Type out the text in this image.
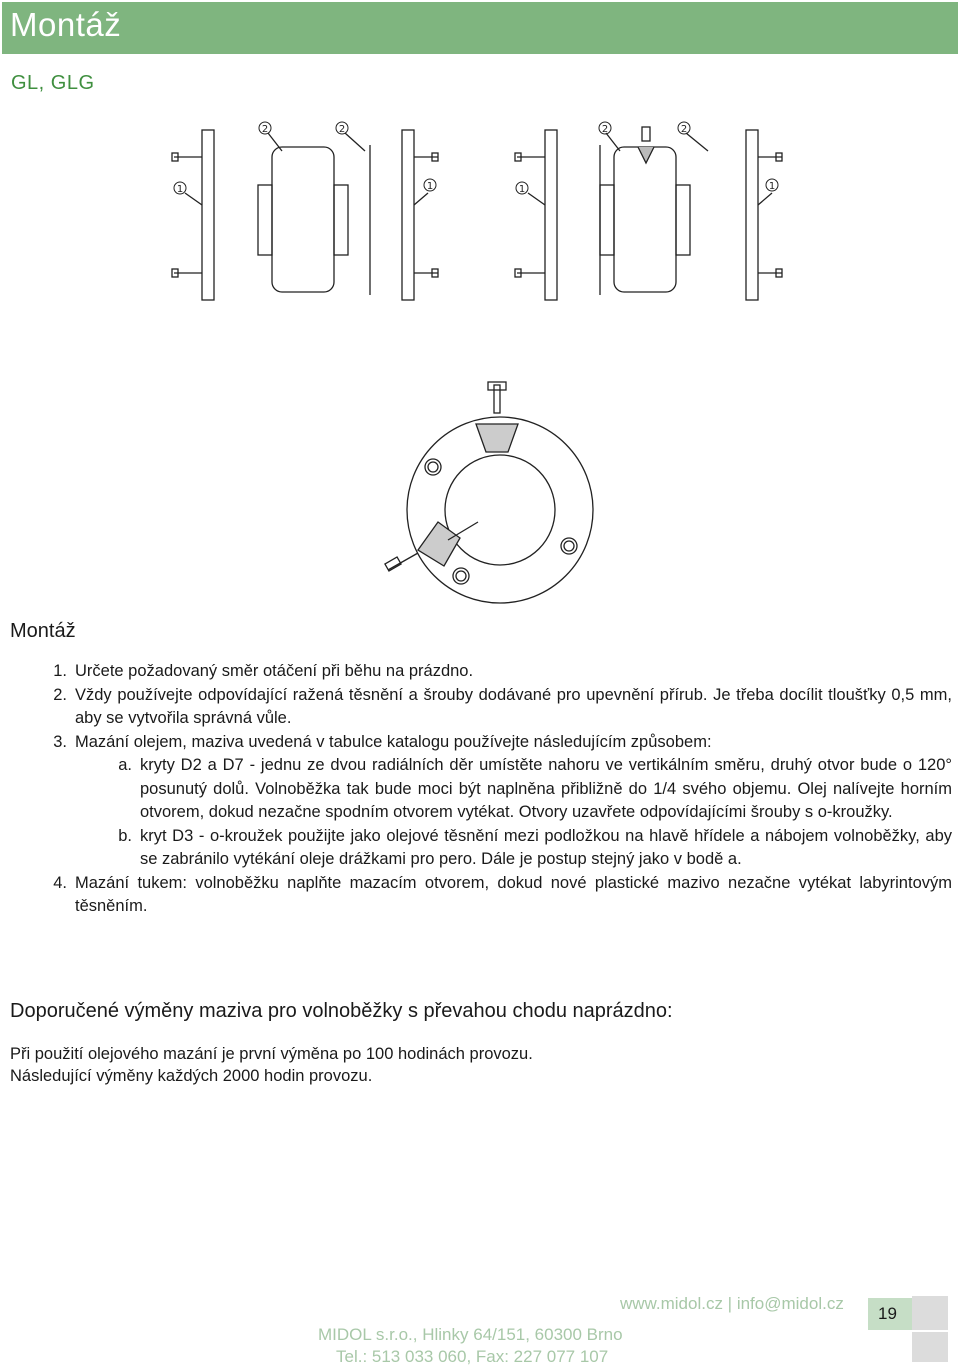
Montáž
GL, GLG
1
2	2
1	1
2	2
1
Montáž
1. Určete požadovaný směr otáčení při běhu na prázdno.
2. Vždy používejte odpovídající ražená těsnění a šrouby dodávané pro upevnění přírub. Je třeba docílit tloušťky 0,5 mm, aby se vytvořila správná vůle.
3. Mazání olejem, maziva uvedená v tabulce katalogu používejte následujícím způsobem:
a. kryty D2 a D7 - jednu ze dvou radiálních děr umístěte nahoru ve vertikálním směru, druhý otvor bude o 120° posunutý dolů. Volnoběžka tak bude moci být naplněna přibližně do 1/4 svého objemu. Olej nalívejte horním otvorem, dokud nezačne spodním otvorem vytékat. Otvory uzavřete odpovídajícími šrouby s o-kroužky.
b. kryt D3 - o-kroužek použijte jako olejové těsnění mezi podložkou na hlavě hřídele a nábojem volnoběžky, aby se zabránilo vytékání oleje drážkami pro pero. Dále je postup stejný jako v bodě a.
4. Mazání tukem: volnoběžku naplňte mazacím otvorem, dokud nové plastické mazivo nezačne vytékat labyrintovým těsněním.
Doporučené výměny maziva pro volnoběžky s převahou chodu naprázdno:
Při použití olejového mazání je první výměna po 100 hodinách provozu.
Následující výměny každých 2000 hodin provozu.
www.midol.cz | info@midol.cz
MIDOL s.r.o., Hlinky 64/151, 60300 Brno
Tel.: 513 033 060, Fax: 227 077 107
19
